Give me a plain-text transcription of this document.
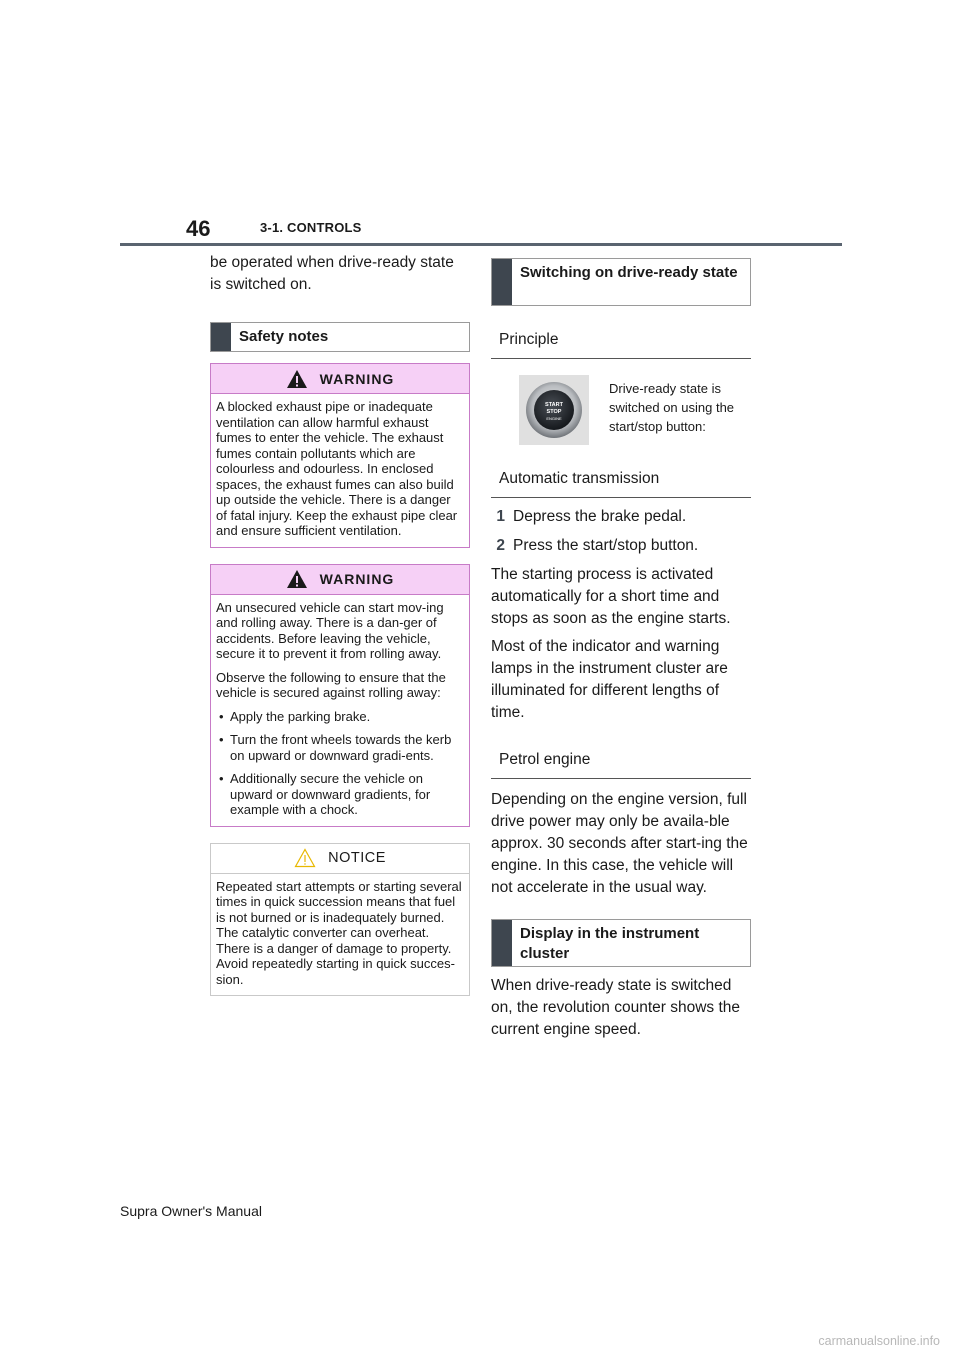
46	3-1. CONTROLS

be operated when drive-ready state is switched on.

Safety notes
WARNING

A blocked exhaust pipe or inadequate ventilation can allow harmful exhaust fumes to enter the vehicle. The exhaust fumes contain pollutants which are colourless and odourless. In enclosed spaces, the exhaust fumes can also build up outside the vehicle. There is a danger of fatal injury. Keep the exhaust pipe clear and ensure sufficient ventilation.

WARNING

An unsecured vehicle can start mov-ing and rolling away. There is a dan-ger of accidents. Before leaving the vehicle, secure it to prevent it from rolling away.

Observe the following to ensure that the vehicle is secured against rolling away:

• Apply the parking brake.
• Turn the front wheels towards the kerb on upward or downward gradi-ents.
• Additionally secure the vehicle on upward or downward gradients, for example with a chock.
NOTICE

Repeated start attempts or starting several times in quick succession means that fuel is not burned or is inadequately burned. The catalytic converter can overheat. There is a danger of damage to property. Avoid repeatedly starting in quick succes-sion.

Switching on drive-ready state
Principle
START
STOP
ENGINE

Drive-ready state is switched on using the start/stop button:

Automatic transmission
1 Depress the brake pedal.
2 Press the start/stop button.

The starting process is activated automatically for a short time and stops as soon as the engine starts.

Most of the indicator and warning lamps in the instrument cluster are illuminated for different lengths of time.

Petrol engine

Depending on the engine version, full drive power may only be availa-ble approx. 30 seconds after start-ing the engine. In this case, the vehicle will not accelerate in the usual way.

Display in the instrument cluster

When drive-ready state is switched on, the revolution counter shows the current engine speed.

Supra Owner's Manual
carmanualsonline.info
